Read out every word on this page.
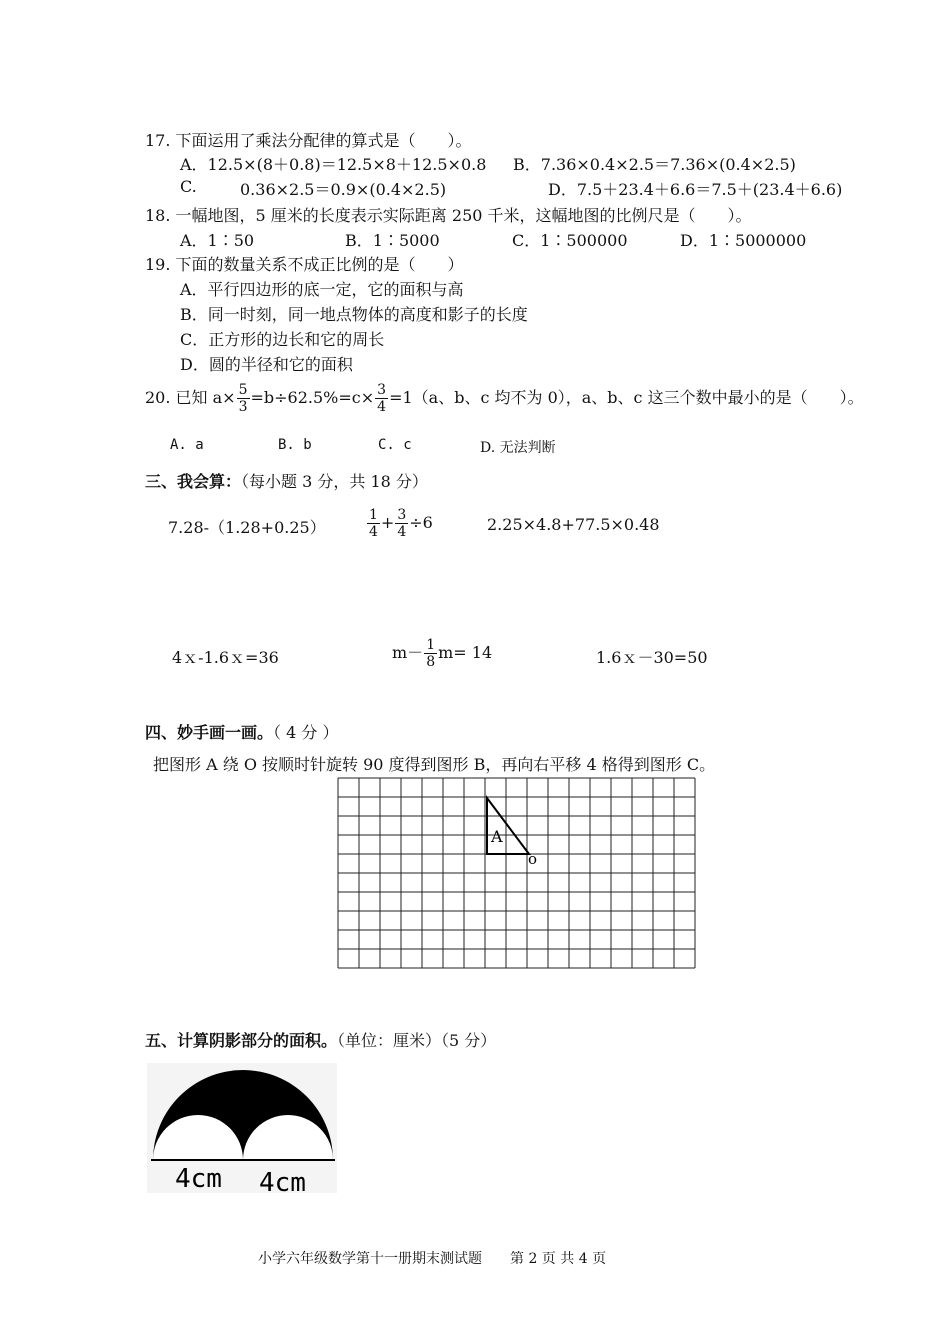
17. 下面运用了乘法分配律的算式是（　　）。
A．12.5×(8＋0.8)＝12.5×8＋12.5×0.8 B．7.36×0.4×2.5＝7.36×(0.4×2.5)
C.	0.36×2.5＝0.9×(0.4×2.5)	D．7.5＋23.4＋6.6＝7.5＋(23.4＋6.6)
18. 一幅地图，5 厘米的长度表示实际距离 250 千米，这幅地图的比例尺是（　　）。
A．1∶50	B．1∶5000	C．1∶500000	D．1∶5000000
19. 下面的数量关系不成正比例的是（　　）
A．平行四边形的底一定，它的面积与高
B．同一时刻，同一地点物体的高度和影子的长度
C．正方形的边长和它的周长
D．圆的半径和它的面积
20. 已知 $a\times \frac{5}{3} =b\div 62.5\%=c\times \frac{3}{4} =1(a$、b、c 均不为 0），a、b、c 这三个数中最小的是（　　）。
A. a	B. b	C. c	D. 无法判断
三、我会算：（每小题 3 分，共 18 分）
7.28-（1.28+0.25）	$\frac{1}{4} + \frac{3}{4} \div 6$	2.25×4.8+77.5×0.48
4ｘ-1.6ｘ=36	$m- \frac{1}{8} m= 14$	1.6ｘ－30=50
四、妙手画一画。（ 4 分 ）
把图形 A 绕 O 按顺时针旋转 90 度得到图形 B，再向右平移 4 格得到图形 C。
A
o
五、计算阴影部分的面积。（单位：厘米）（5 分）
4cm 4cm
小学六年级数学第十一册期末测试题　　 第 2 页 共 4 页
